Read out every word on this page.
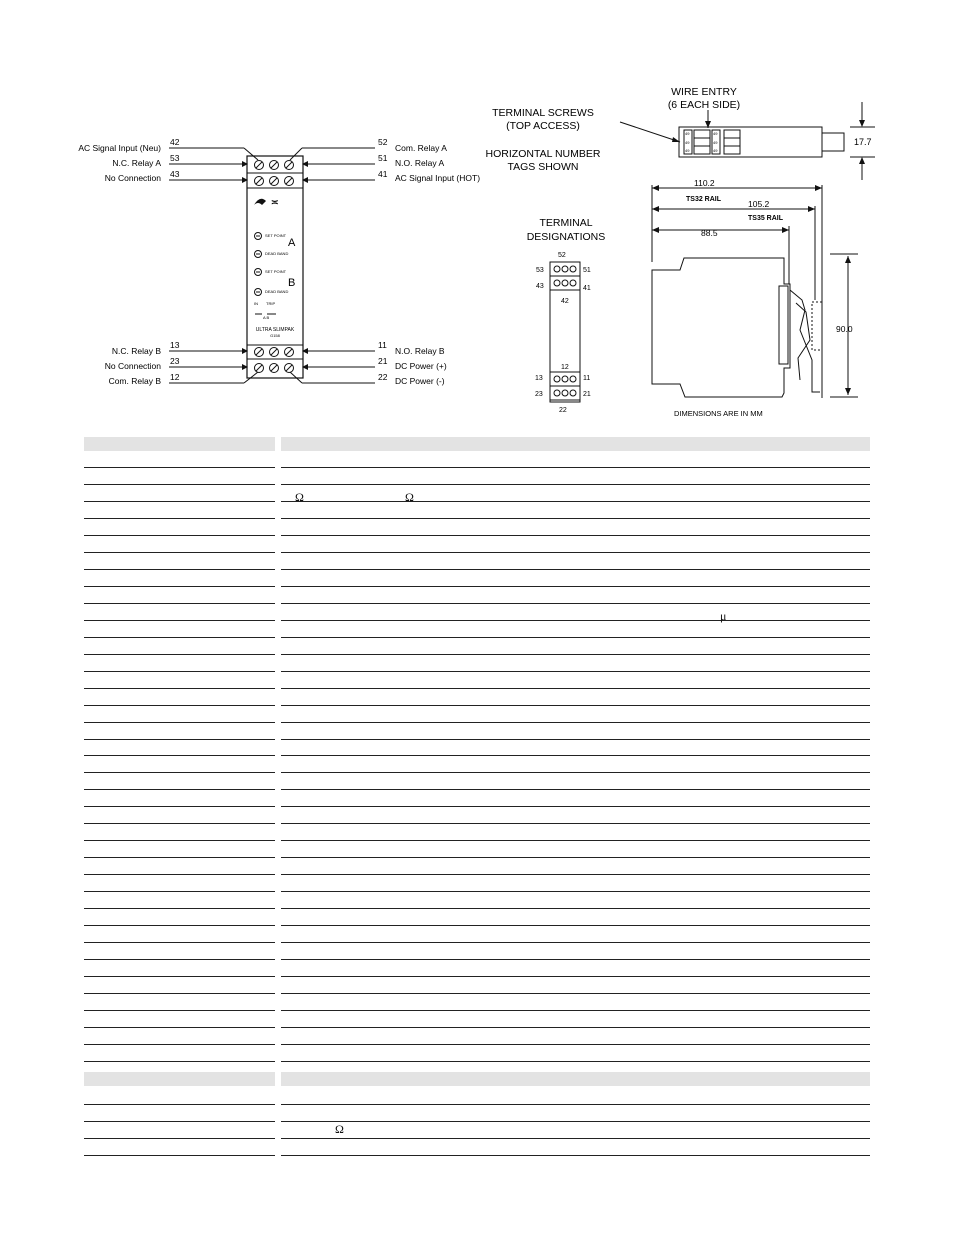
≍
SET POINT
DEAD BAND
SET POINT
DEAD BAND
IN TRIP
A B
A
B
ULTRA SLIMPAK
G158
AC Signal Input (Neu)
42
N.C. Relay A 53
No Connection 43
N.C. Relay B
13
No Connection 23
Com. Relay B 12
52
Com. Relay A
51 N.O. Relay A
41 AC Signal Input (HOT)
11
N.O. Relay B
21 DC Power (+)
22 DC Power (-)
WIRE ENTRY
(6 EACH SIDE)
TERMINAL SCREWS
(TOP ACCESS)
HORIZONTAL NUMBER
TAGS SHOWN
TERMINAL
DESIGNATIONS
49
49
49
49
49
49
17.7
52
53	51
43	41
42
12
13	11
23	21
22
110.2
TS32 RAIL	105.2
TS35 RAIL
88.5
90.0
DIMENSIONS ARE IN MM
Ω	Ω
μ
Ω
